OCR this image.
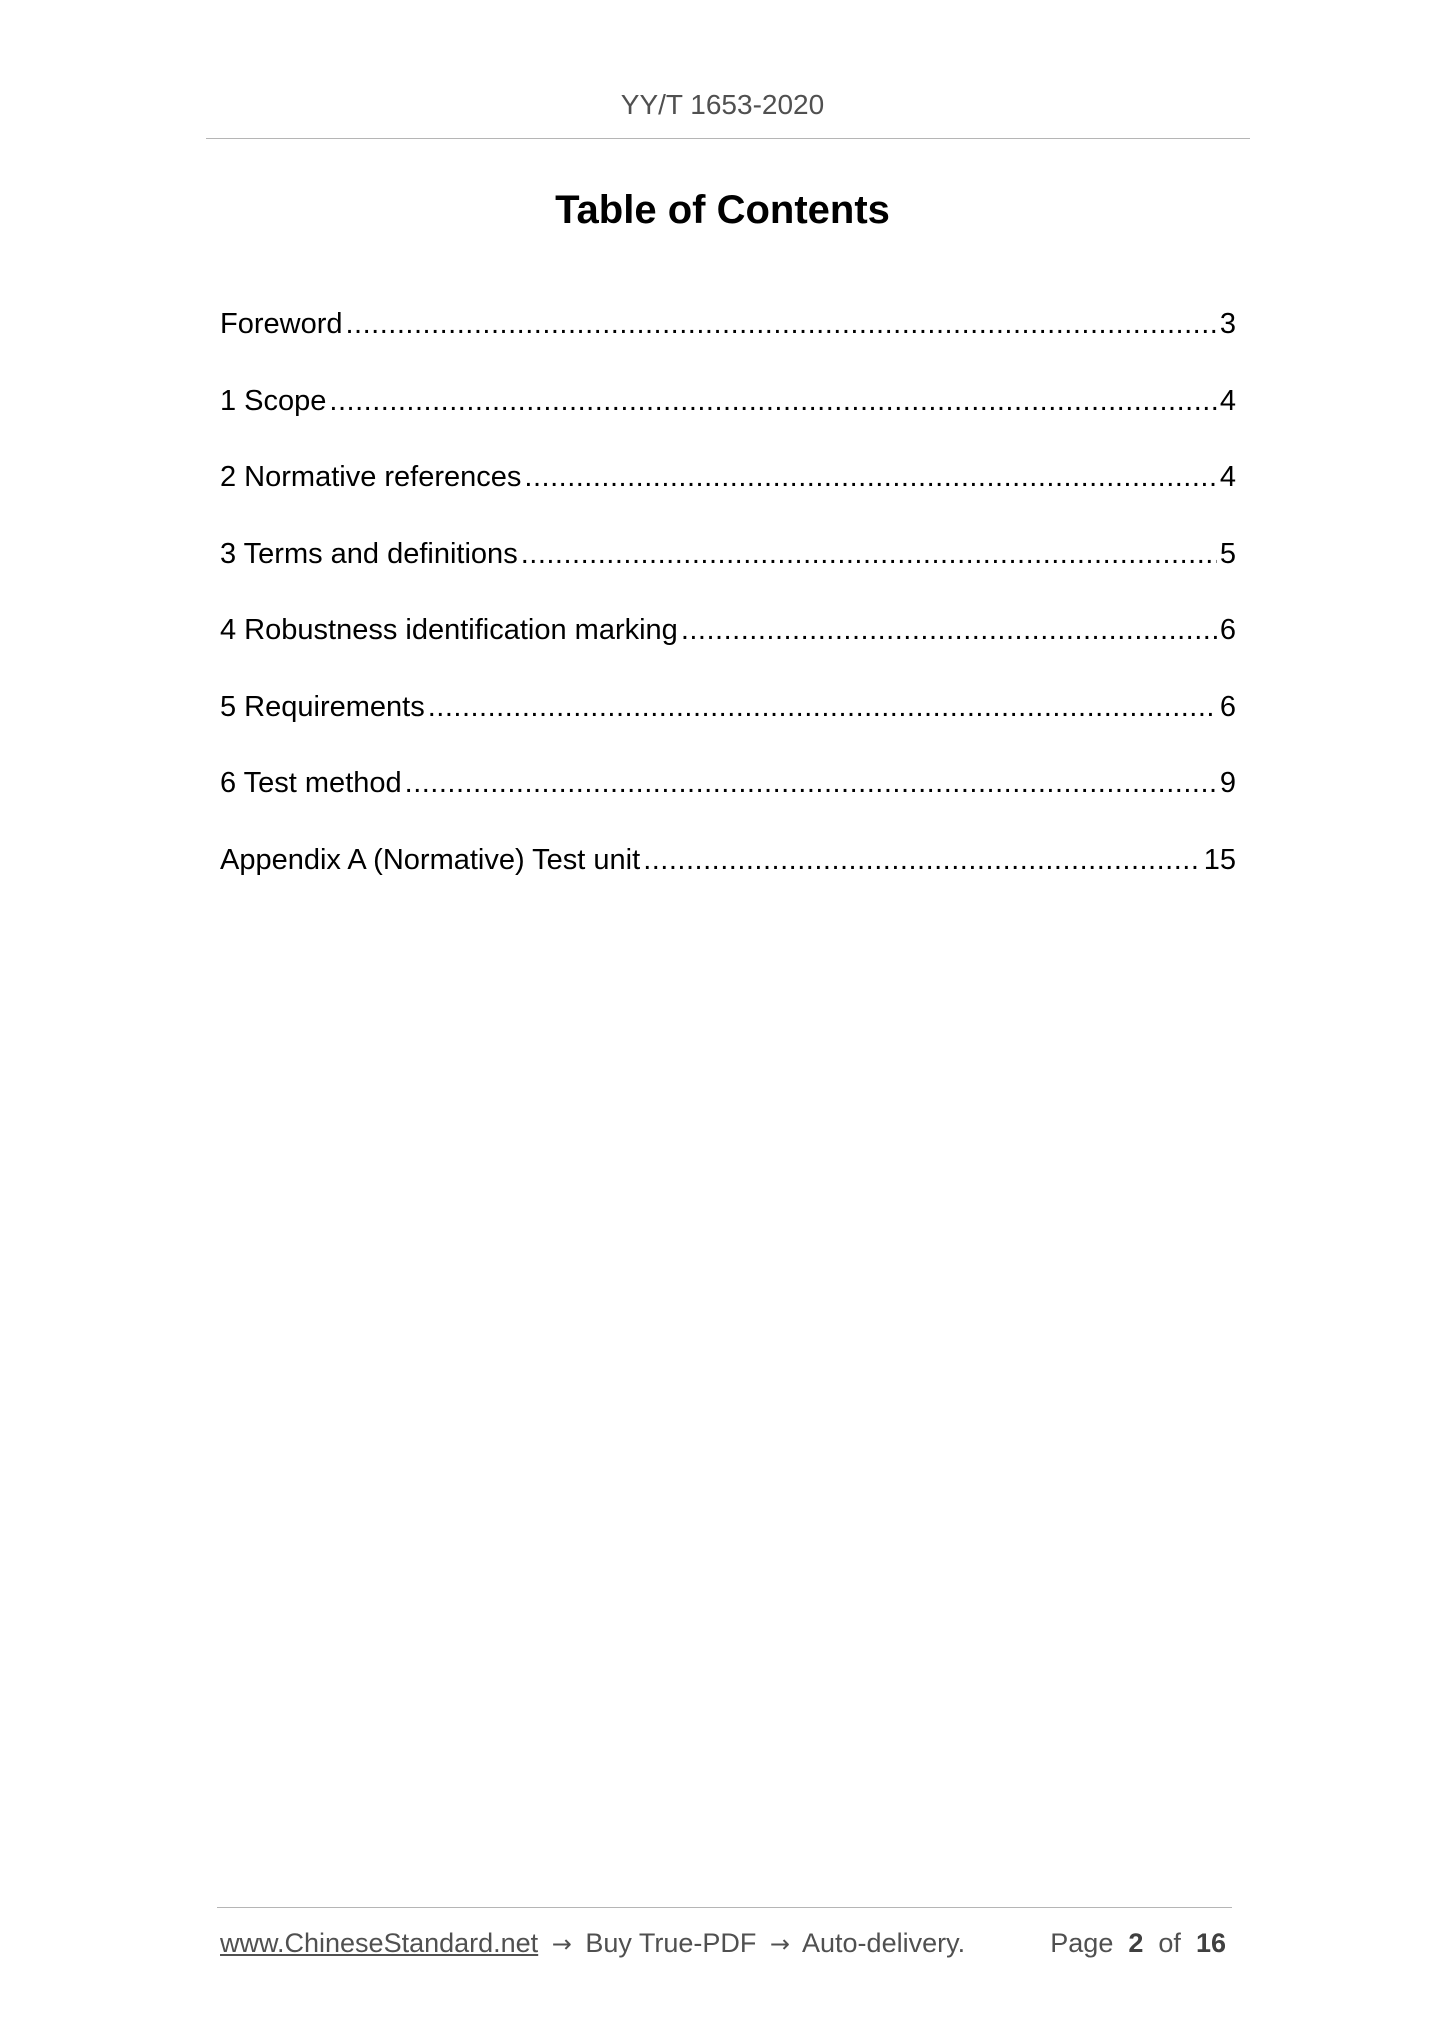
YY/T 1653-2020
Table of Contents
Foreword .....	3
1 Scope .....	4
2 Normative references .....	4
3 Terms and definitions .....	5
4 Robustness identification marking .....	6
5 Requirements .....	6
6 Test method .....	9
Appendix A (Normative) Test unit .....	15
www.ChineseStandard.net → Buy True-PDF → Auto-delivery.	Page 2 of 16
